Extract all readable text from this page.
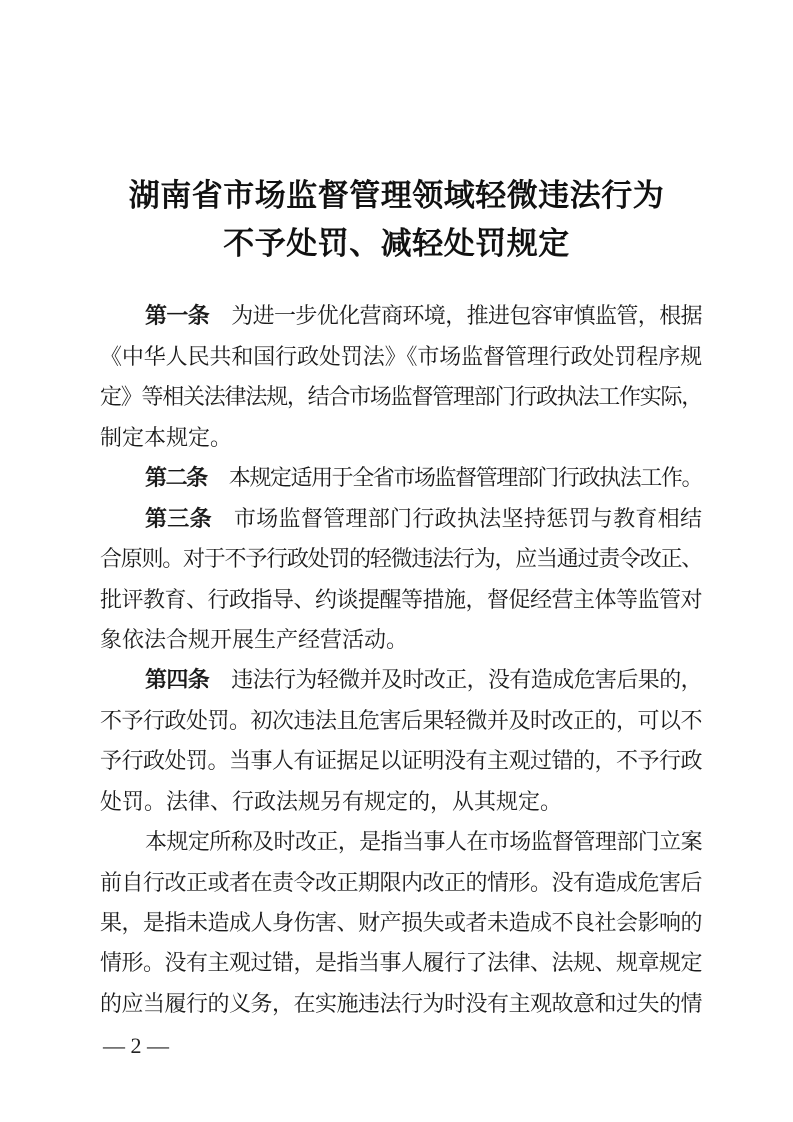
湖南省市场监督管理领域轻微违法行为
不予处罚、减轻处罚规定
第一条 为进一步优化营商环境，推进包容审慎监管，根据
《中华人民共和国行政处罚法》《市场监督管理行政处罚程序规
定》等相关法律法规，结合市场监督管理部门行政执法工作实际，
制定本规定。
第二条 本规定适用于全省市场监督管理部门行政执法工作。
第三条 市场监督管理部门行政执法坚持惩罚与教育相结
合原则。对于不予行政处罚的轻微违法行为，应当通过责令改正、
批评教育、行政指导、约谈提醒等措施，督促经营主体等监管对
象依法合规开展生产经营活动。
第四条 违法行为轻微并及时改正，没有造成危害后果的，
不予行政处罚。初次违法且危害后果轻微并及时改正的，可以不
予行政处罚。当事人有证据足以证明没有主观过错的，不予行政
处罚。法律、行政法规另有规定的，从其规定。
本规定所称及时改正，是指当事人在市场监督管理部门立案
前自行改正或者在责令改正期限内改正的情形。没有造成危害后
果，是指未造成人身伤害、财产损失或者未造成不良社会影响的
情形。没有主观过错，是指当事人履行了法律、法规、规章规定
的应当履行的义务，在实施违法行为时没有主观故意和过失的情
— 2 —
